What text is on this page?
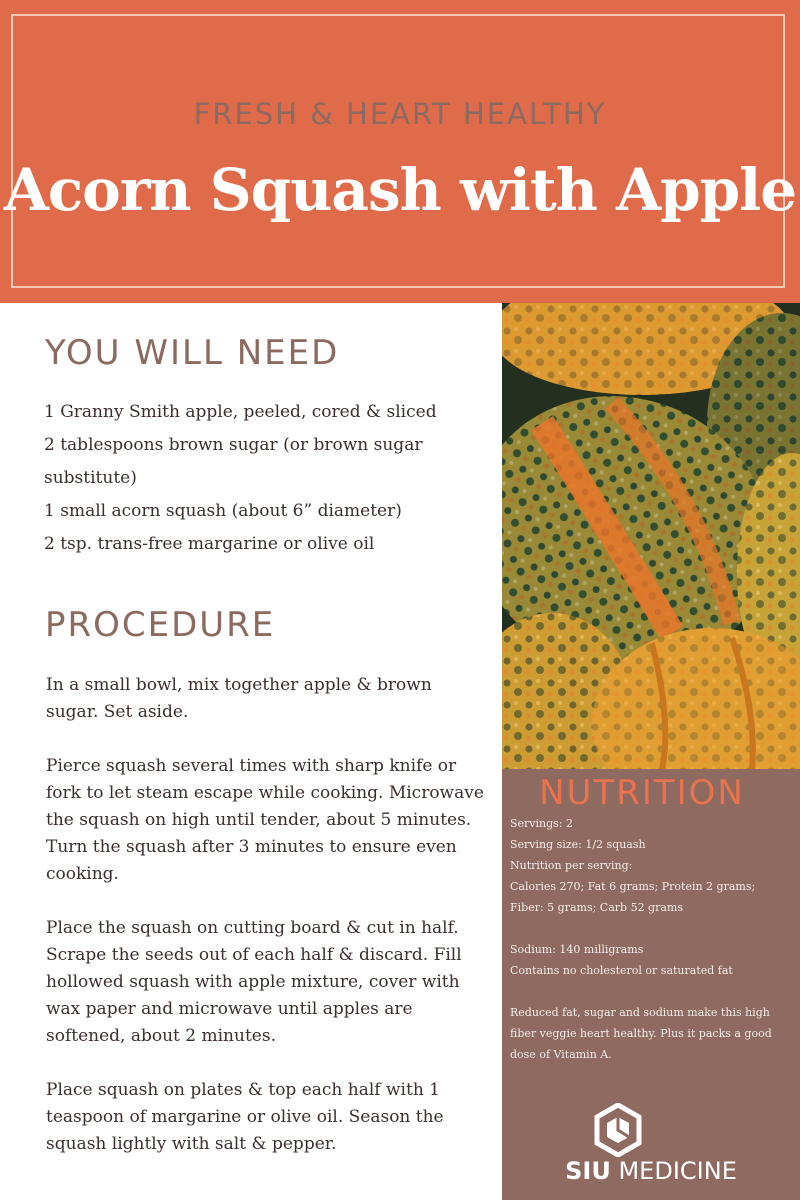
FRESH & HEART HEALTHY
Acorn Squash with Apple
YOU WILL NEED
1 Granny Smith apple, peeled, cored & sliced
2 tablespoons brown sugar (or brown sugar
substitute)
1 small acorn squash (about 6” diameter)
2 tsp. trans-free margarine or olive oil
PROCEDURE

In a small bowl, mix together apple & brown sugar. Set aside.

Pierce squash several times with sharp knife or fork to let steam escape while cooking. Microwave the squash on high until tender, about 5 minutes. Turn the squash after 3 minutes to ensure even cooking.

Place the squash on cutting board & cut in half. Scrape the seeds out of each half & discard. Fill hollowed squash with apple mixture, cover with wax paper and microwave until apples are softened, about 2 minutes.

Place squash on plates & top each half with 1 teaspoon of margarine or olive oil. Season the squash lightly with salt & pepper.

NUTRITION
Servings: 2
Serving size: 1/2 squash
Nutrition per serving:
Calories 270; Fat 6 grams; Protein 2 grams;
Fiber: 5 grams; Carb 52 grams
Sodium: 140 milligrams
Contains no cholesterol or saturated fat
Reduced fat, sugar and sodium make this high
fiber veggie heart healthy. Plus it packs a good
dose of Vitamin A.
SIU MEDICINE
